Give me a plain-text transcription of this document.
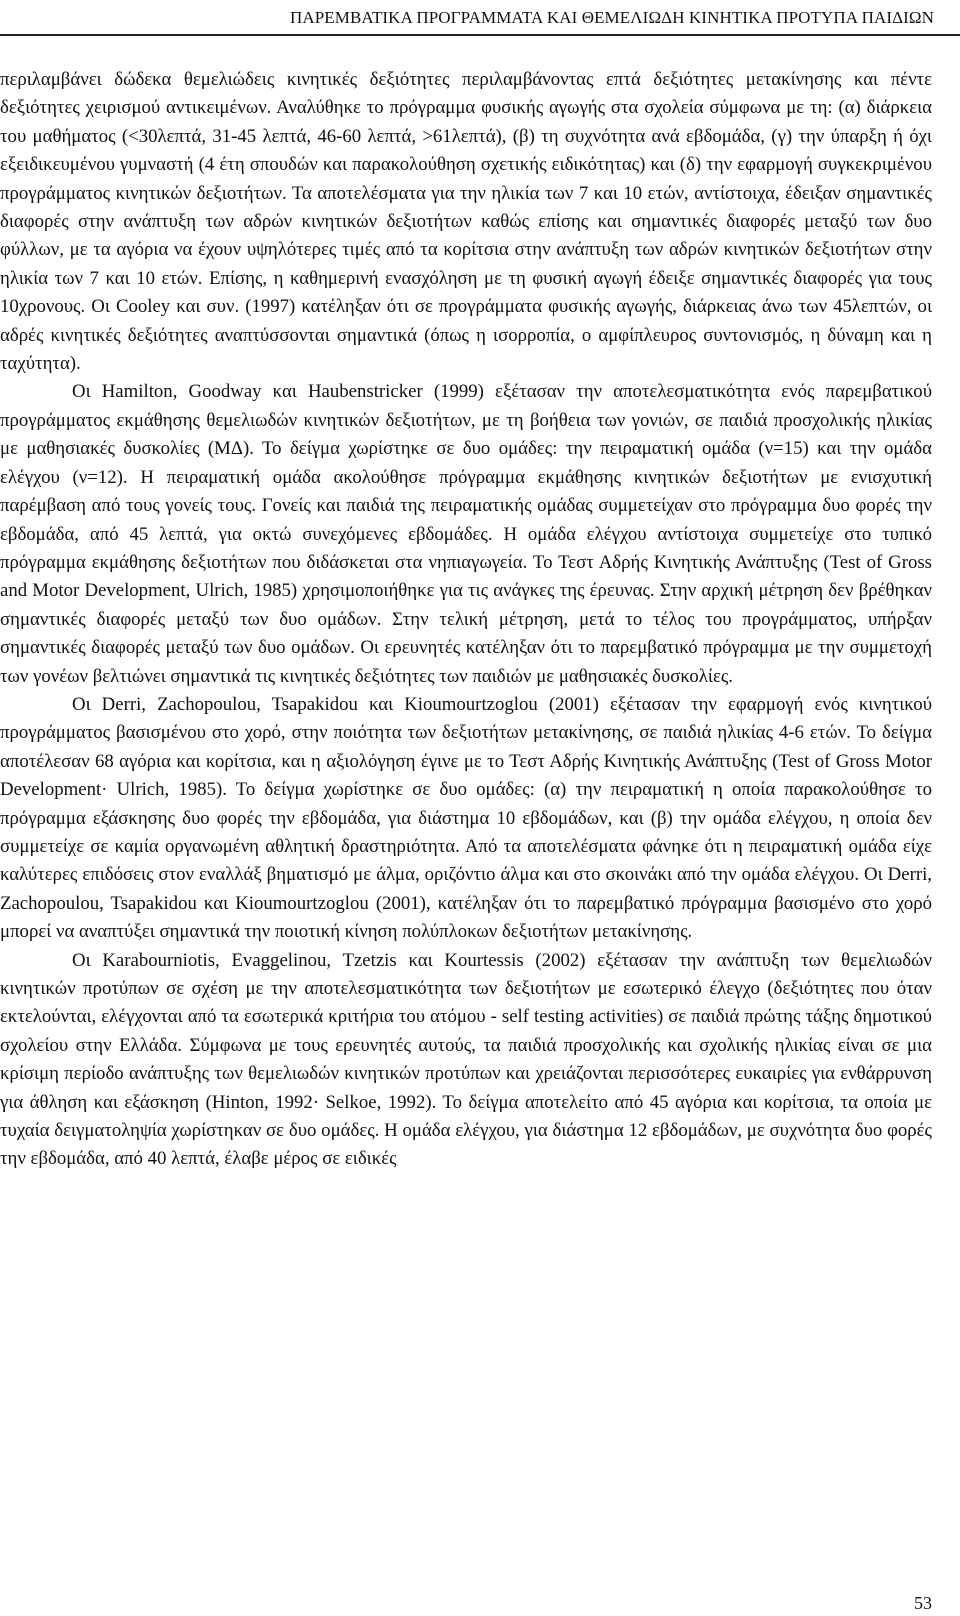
ΠΑΡΕΜΒΑΤΙΚΑ ΠΡΟΓΡΑΜΜΑΤΑ ΚΑΙ ΘΕΜΕΛΙΩΔΗ ΚΙΝΗΤΙΚΑ ΠΡΟΤΥΠΑ ΠΑΙΔΙΩΝ

περιλαμβάνει δώδεκα θεμελιώδεις κινητικές δεξιότητες περιλαμβάνοντας επτά δεξιότητες μετακίνησης και πέντε δεξιότητες χειρισμού αντικειμένων. Αναλύθηκε το πρόγραμμα φυσικής αγωγής στα σχολεία σύμφωνα με τη: (α) διάρκεια του μαθήματος (<30λεπτά, 31-45 λεπτά, 46-60 λεπτά, >61λεπτά), (β) τη συχνότητα ανά εβδομάδα, (γ) την ύπαρξη ή όχι εξειδικευμένου γυμναστή (4 έτη σπουδών και παρακολούθηση σχετικής ειδικότητας) και (δ) την εφαρμογή συγκεκριμένου προγράμματος κινητικών δεξιοτήτων. Τα αποτελέσματα για την ηλικία των 7 και 10 ετών, αντίστοιχα, έδειξαν σημαντικές διαφορές στην ανάπτυξη των αδρών κινητικών δεξιοτήτων καθώς επίσης και σημαντικές διαφορές μεταξύ των δυο φύλλων, με τα αγόρια να έχουν υψηλότερες τιμές από τα κορίτσια στην ανάπτυξη των αδρών κινητικών δεξιοτήτων στην ηλικία των 7 και 10 ετών. Επίσης, η καθημερινή ενασχόληση με τη φυσική αγωγή έδειξε σημαντικές διαφορές για τους 10χρονους. Οι Cooley και συν. (1997) κατέληξαν ότι σε προγράμματα φυσικής αγωγής, διάρκειας άνω των 45λεπτών, οι αδρές κινητικές δεξιότητες αναπτύσσονται σημαντικά (όπως η ισορροπία, ο αμφίπλευρος συντονισμός, η δύναμη και η ταχύτητα).

Οι Hamilton, Goodway και Haubenstricker (1999) εξέτασαν την αποτελεσματικότητα ενός παρεμβατικού προγράμματος εκμάθησης θεμελιωδών κινητικών δεξιοτήτων, με τη βοήθεια των γονιών, σε παιδιά προσχολικής ηλικίας με μαθησιακές δυσκολίες (ΜΔ). Το δείγμα χωρίστηκε σε δυο ομάδες: την πειραματική ομάδα (ν=15) και την ομάδα ελέγχου (ν=12). Η πειραματική ομάδα ακολούθησε πρόγραμμα εκμάθησης κινητικών δεξιοτήτων με ενισχυτική παρέμβαση από τους γονείς τους. Γονείς και παιδιά της πειραματικής ομάδας συμμετείχαν στο πρόγραμμα δυο φορές την εβδομάδα, από 45 λεπτά, για οκτώ συνεχόμενες εβδομάδες. Η ομάδα ελέγχου αντίστοιχα συμμετείχε στο τυπικό πρόγραμμα εκμάθησης δεξιοτήτων που διδάσκεται στα νηπιαγωγεία. Το Τεστ Αδρής Κινητικής Ανάπτυξης (Test of Gross and Motor Development, Ulrich, 1985) χρησιμοποιήθηκε για τις ανάγκες της έρευνας. Στην αρχική μέτρηση δεν βρέθηκαν σημαντικές διαφορές μεταξύ των δυο ομάδων. Στην τελική μέτρηση, μετά το τέλος του προγράμματος, υπήρξαν σημαντικές διαφορές μεταξύ των δυο ομάδων. Οι ερευνητές κατέληξαν ότι το παρεμβατικό πρόγραμμα με την συμμετοχή των γονέων βελτιώνει σημαντικά τις κινητικές δεξιότητες των παιδιών με μαθησιακές δυσκολίες.

Οι Derri, Zachopoulou, Tsapakidou και Kioumourtzoglou (2001) εξέτασαν την εφαρμογή ενός κινητικού προγράμματος βασισμένου στο χορό, στην ποιότητα των δεξιοτήτων μετακίνησης, σε παιδιά ηλικίας 4-6 ετών. Το δείγμα αποτέλεσαν 68 αγόρια και κορίτσια, και η αξιολόγηση έγινε με το Τεστ Αδρής Κινητικής Ανάπτυξης (Test of Gross Motor Development· Ulrich, 1985). Το δείγμα χωρίστηκε σε δυο ομάδες: (α) την πειραματική η οποία παρακολούθησε το πρόγραμμα εξάσκησης δυο φορές την εβδομάδα, για διάστημα 10 εβδομάδων, και (β) την ομάδα ελέγχου, η οποία δεν συμμετείχε σε καμία οργανωμένη αθλητική δραστηριότητα. Από τα αποτελέσματα φάνηκε ότι η πειραματική ομάδα είχε καλύτερες επιδόσεις στον εναλλάξ βηματισμό με άλμα, οριζόντιο άλμα και στο σκοινάκι από την ομάδα ελέγχου. Οι Derri, Zachopoulou, Tsapakidou και Kioumourtzoglou (2001), κατέληξαν ότι το παρεμβατικό πρόγραμμα βασισμένο στο χορό μπορεί να αναπτύξει σημαντικά την ποιοτική κίνηση πολύπλοκων δεξιοτήτων μετακίνησης.

Οι Karabourniotis, Evaggelinou, Tzetzis και Kourtessis (2002) εξέτασαν την ανάπτυξη των θεμελιωδών κινητικών προτύπων σε σχέση με την αποτελεσματικότητα των δεξιοτήτων με εσωτερικό έλεγχο (δεξιότητες που όταν εκτελούνται, ελέγχονται από τα εσωτερικά κριτήρια του ατόμου - self testing activities) σε παιδιά πρώτης τάξης δημοτικού σχολείου στην Ελλάδα. Σύμφωνα με τους ερευνητές αυτούς, τα παιδιά προσχολικής και σχολικής ηλικίας είναι σε μια κρίσιμη περίοδο ανάπτυξης των θεμελιωδών κινητικών προτύπων και χρειάζονται περισσότερες ευκαιρίες για ενθάρρυνση για άθληση και εξάσκηση (Hinton, 1992· Selkoe, 1992). Το δείγμα αποτελείτο από 45 αγόρια και κορίτσια, τα οποία με τυχαία δειγματοληψία χωρίστηκαν σε δυο ομάδες. Η ομάδα ελέγχου, για διάστημα 12 εβδομάδων, με συχνότητα δυο φορές την εβδομάδα, από 40 λεπτά, έλαβε μέρος σε ειδικές

53
